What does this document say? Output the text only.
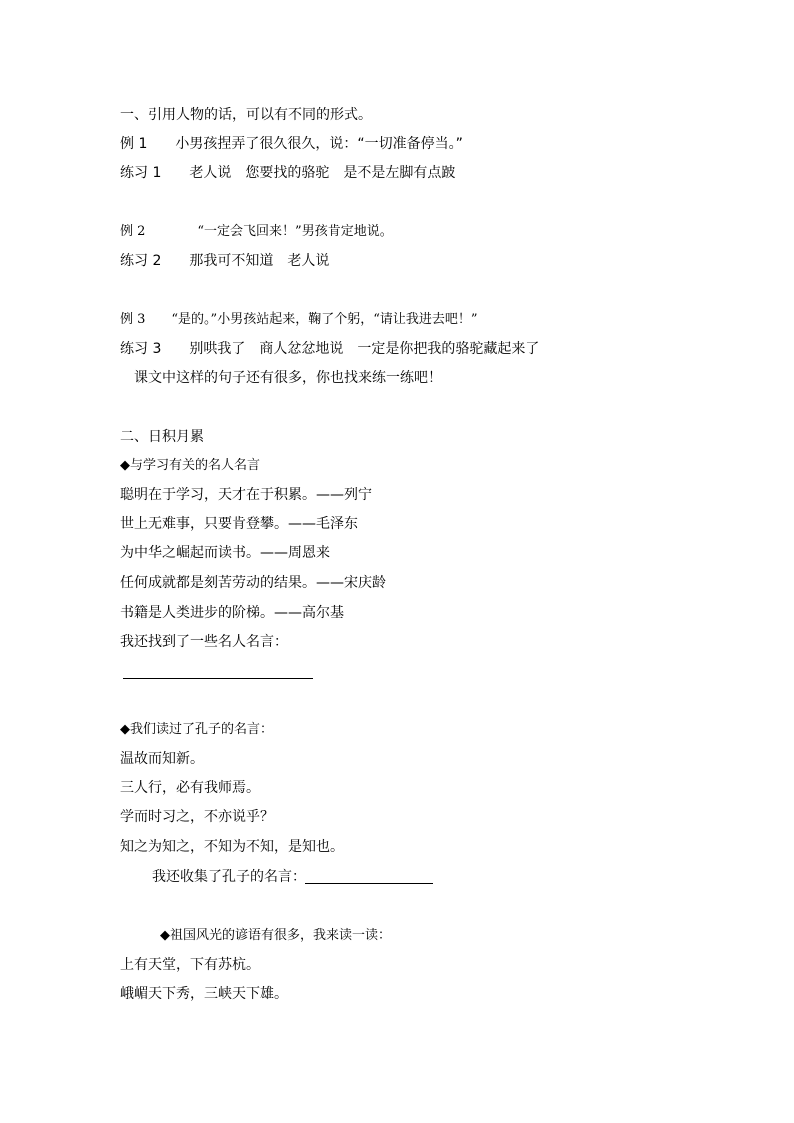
一、引用人物的话，可以有不同的形式。
例 1　　小男孩捏弄了很久很久，说：“一切准备停当。”
练习 1　　老人说　您要找的骆驼　是不是左脚有点跛
例 2　　　　“一定会飞回来！”男孩肯定地说。
练习 2　　那我可不知道　老人说
例 3　　“是的。”小男孩站起来，鞠了个躬，“请让我进去吧！”
练习 3　　别哄我了　商人忿忿地说　一定是你把我的骆驼藏起来了
　课文中这样的句子还有很多，你也找来练一练吧！
二、日积月累
◆与学习有关的名人名言
聪明在于学习，天才在于积累。——列宁
世上无难事，只要肯登攀。——毛泽东
为中华之崛起而读书。——周恩来
任何成就都是刻苦劳动的结果。——宋庆龄
书籍是人类进步的阶梯。——高尔基
我还找到了一些名人名言：
◆我们读过了孔子的名言：
温故而知新。
三人行，必有我师焉。
学而时习之，不亦说乎？
知之为知之，不知为不知，是知也。
我还收集了孔子的名言：
◆祖国风光的谚语有很多，我来读一读：
上有天堂，下有苏杭。
峨嵋天下秀，三峡天下雄。
